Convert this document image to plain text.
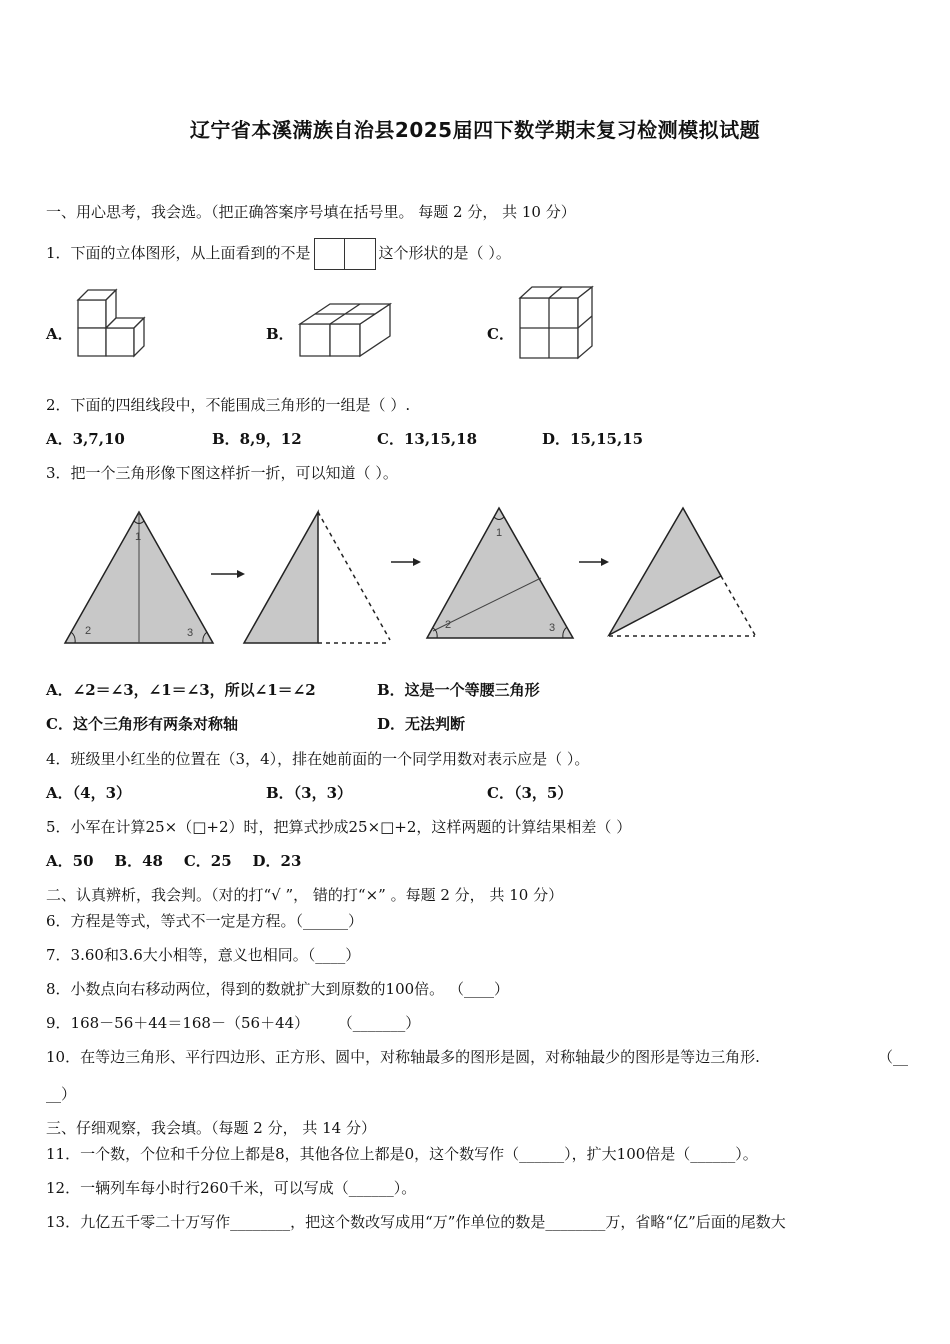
辽宁省本溪满族自治县2025届四下数学期末复习检测模拟试题
一、用心思考，我会选。（把正确答案序号填在括号里。 每题 2 分， 共 10 分）
1．下面的立体图形，从上面看到的不是	这个形状的是（ ）。
A．	B．	C．
2．下面的四组线段中，不能围成三角形的一组是（ ）.
A．3,7,10	B．8,9，12	C．13,15,18	D．15,15,15
3．把一个三角形像下图这样折一折，可以知道（ ）。
1
2	3
1
2	3
A．∠2＝∠3，∠1＝∠3，所以∠1＝∠2	B．这是一个等腰三角形
C．这个三角形有两条对称轴	D．无法判断
4．班级里小红坐的位置在（3，4），排在她前面的一个同学用数对表示应是（ ）。
A．（4，3）	B．（3，3）	C．（3，5）
5．小军在计算25×（□+2）时，把算式抄成25×□+2，这样两题的计算结果相差（ ）
A．50    B．48    C．25    D．23
二、认真辨析，我会判。（对的打“√ ”， 错的打“×” 。每题 2 分， 共 10 分）
6．方程是等式，等式不一定是方程。（______）
7．3.60和3.6大小相等，意义也相同。（____）
8．小数点向右移动两位，得到的数就扩大到原数的100倍。 （____）
9．168－56＋44＝168－（56＋44）      （_______）
10．在等边三角形、平行四边形、正方形、圆中，对称轴最多的图形是圆，对称轴最少的图形是等边三角形.	（__
__）
三、仔细观察，我会填。（每题 2 分， 共 14 分）
11．一个数，个位和千分位上都是8，其他各位上都是0，这个数写作（______），扩大100倍是（______）。
12．一辆列车每小时行260千米，可以写成（______）。
13．九亿五千零二十万写作________，把这个数改写成用“万”作单位的数是________万，省略“亿”后面的尾数大
